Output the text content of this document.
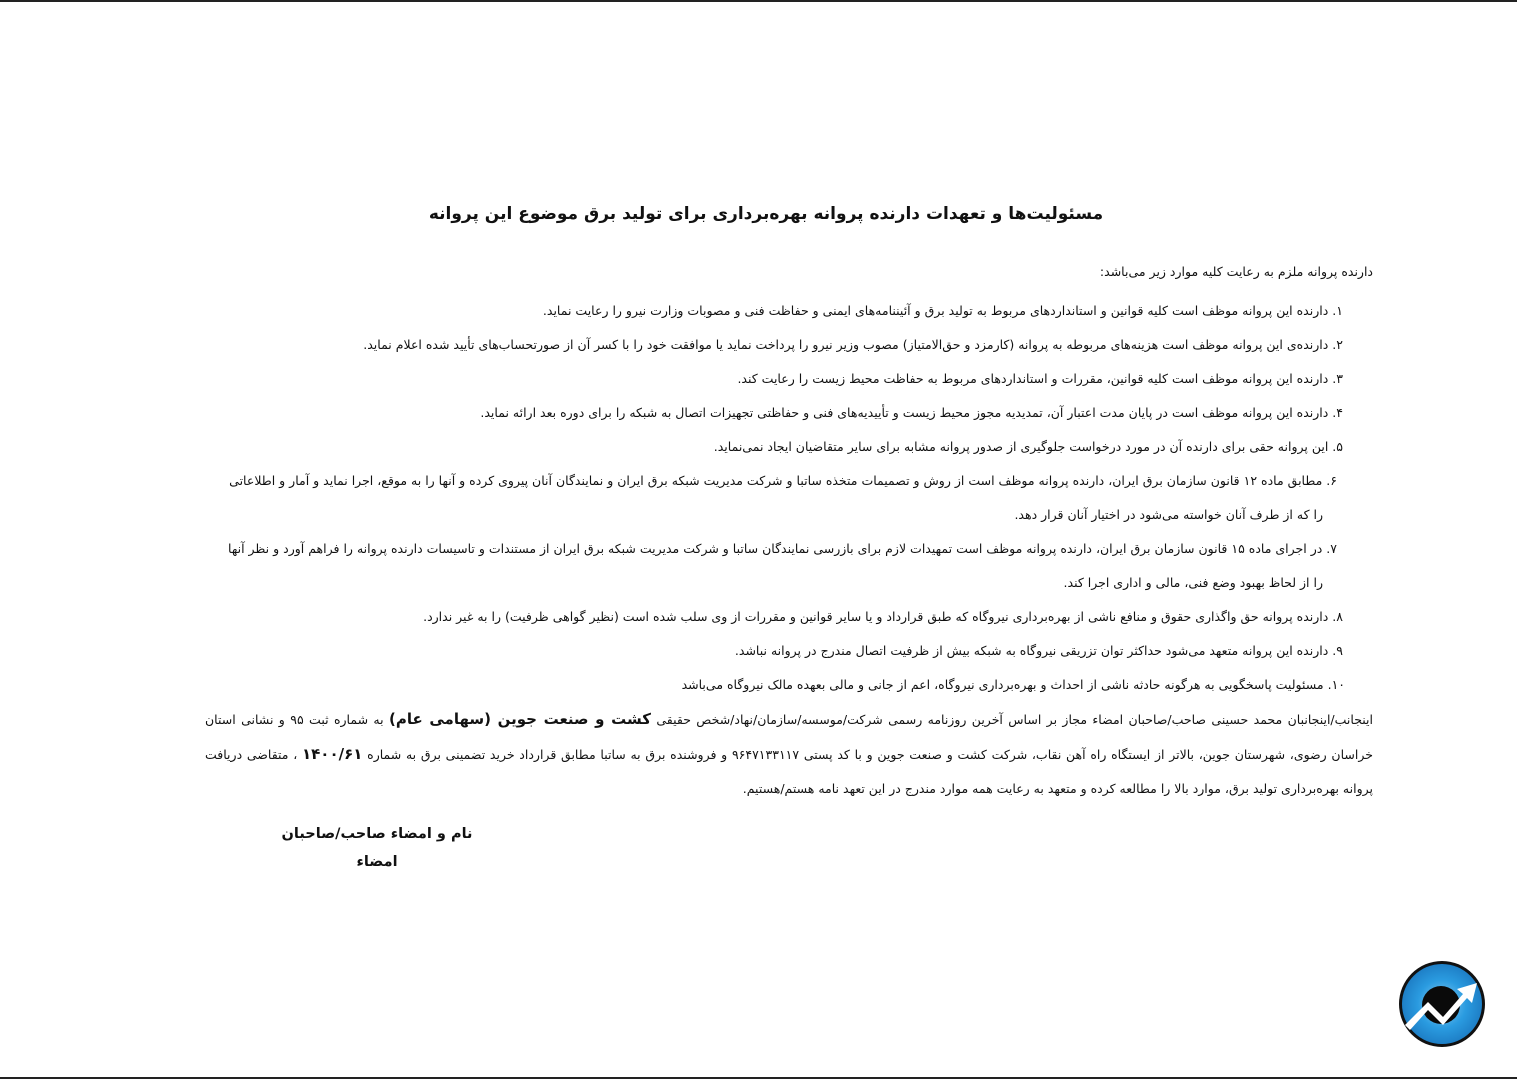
مسئولیت‌ها و تعهدات دارنده پروانه بهره‌برداری برای تولید برق موضوع این پروانه
دارنده پروانه ملزم به رعایت کلیه موارد زیر می‌باشد:
۱. دارنده این پروانه موظف است کلیه قوانین و استانداردهای مربوط به تولید برق و آئیننامه‌های ایمنی و حفاظت فنی و مصوبات وزارت نیرو را رعایت نماید.
۲. دارنده‌ی این پروانه موظف است هزینه‌های مربوطه به پروانه (کارمزد و حق‌الامتیاز) مصوب وزیر نیرو را پرداخت نماید یا موافقت خود را با کسر آن از صورتحساب‌های تأیید شده اعلام نماید.
۳. دارنده این پروانه موظف است کلیه قوانین، مقررات و استانداردهای مربوط به حفاظت محیط زیست را رعایت کند.
۴. دارنده این پروانه موظف است در پایان مدت اعتبار آن، تمدیدیه مجوز محیط زیست و تأییدیه‌های فنی و حفاظتی تجهیزات اتصال به شبکه را برای دوره بعد ارائه نماید.
۵. این پروانه حقی برای دارنده آن در مورد درخواست جلوگیری از صدور پروانه مشابه برای سایر متقاضیان ایجاد نمی‌نماید.
۶. مطابق ماده ۱۲ قانون سازمان برق ایران، دارنده پروانه موظف است از روش و تصمیمات متخذه ساتبا و شرکت مدیریت شبکه برق ایران و نمایندگان آنان پیروی کرده و آنها را به موقع، اجرا نماید و آمار و اطلاعاتی
را که از طرف آنان خواسته می‌شود در اختیار آنان قرار دهد.
۷. در اجرای ماده ۱۵ قانون سازمان برق ایران، دارنده پروانه موظف است تمهیدات لازم برای بازرسی نمایندگان ساتبا و شرکت مدیریت شبکه برق ایران از مستندات و تاسیسات دارنده پروانه را فراهم آورد و نظر آنها
را از لحاظ بهبود وضع فنی، مالی و اداری اجرا کند.
۸. دارنده پروانه حق واگذاری حقوق و منافع ناشی از بهره‌برداری نیروگاه که طبق قرارداد و یا سایر قوانین و مقررات از وی سلب شده است (نظیر گواهی ظرفیت) را به غیر ندارد.
۹. دارنده این پروانه متعهد می‌شود حداکثر توان تزریقی نیروگاه به شبکه بیش از ظرفیت اتصال مندرج در پروانه نباشد.
۱۰. مسئولیت پاسخگویی به هرگونه حادثه ناشی از احداث و بهره‌برداری نیروگاه، اعم از جانی و مالی بعهده مالک نیروگاه می‌باشد
اینجانب/اینجانبان محمد حسینی صاحب/صاحبان امضاء مجاز بر اساس آخرین روزنامه رسمی شرکت/موسسه/سازمان/نهاد/شخص حقیقی کشت و صنعت جوین (سهامی عام) به شماره ثبت ۹۵ و نشانی استان خراسان رضوی، شهرستان جوین، بالاتر از ایستگاه راه آهن نقاب، شرکت کشت و صنعت جوین و با کد پستی ۹۶۴۷۱۳۳۱۱۷ و فروشنده برق به ساتبا مطابق قرارداد خرید تضمینی برق به شماره ۱۴۰۰/۶۱ ، متقاضی دریافت پروانه بهره‌برداری تولید برق، موارد بالا را مطالعه کرده و متعهد به رعایت همه موارد مندرج در این تعهد نامه هستم/هستیم.
نام و امضاء صاحب/صاحبان امضاء
